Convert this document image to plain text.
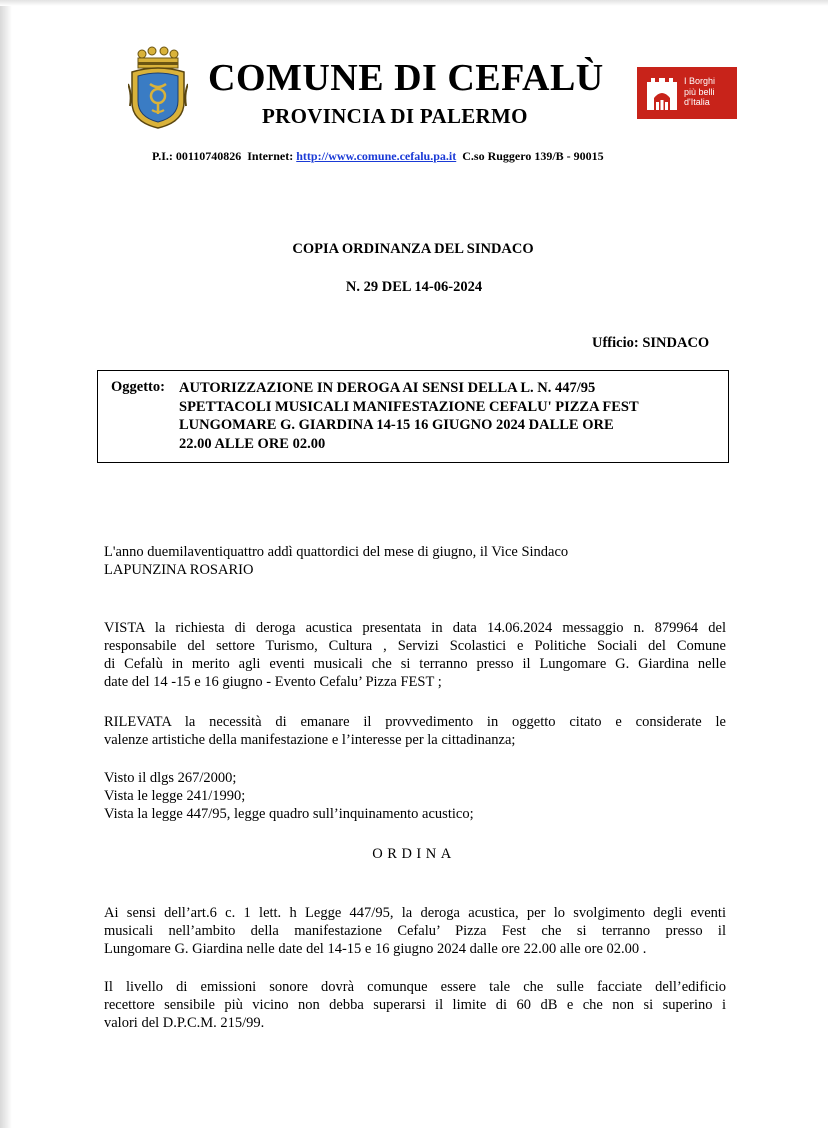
COMUNE DI CEFALÙ
PROVINCIA DI PALERMO
I Borghi
più belli
d'Italia
P.I.: 00110740826 Internet: http://www.comune.cefalu.pa.it C.so Ruggero 139/B - 90015
COPIA ORDINANZA DEL SINDACO
N. 29 DEL 14-06-2024
Ufficio: SINDACO
Oggetto: AUTORIZZAZIONE IN DEROGA AI SENSI DELLA L. N. 447/95
SPETTACOLI MUSICALI MANIFESTAZIONE CEFALU' PIZZA FEST
LUNGOMARE G. GIARDINA 14-15 16 GIUGNO 2024 DALLE ORE
22.00 ALLE ORE 02.00
L'anno duemilaventiquattro addì quattordici del mese di giugno, il Vice Sindaco
LAPUNZINA ROSARIO
VISTA la richiesta di deroga acustica presentata in data 14.06.2024 messaggio n. 879964 del
responsabile del settore Turismo, Cultura , Servizi Scolastici e Politiche Sociali del Comune
di Cefalù in merito agli eventi musicali che si terranno presso il Lungomare G. Giardina nelle
date del 14 -15 e 16 giugno - Evento Cefalu’ Pizza FEST ;
RILEVATA la necessità di emanare il provvedimento in oggetto citato e considerate le
valenze artistiche della manifestazione e l’interesse per la cittadinanza;
Visto il dlgs 267/2000;
Vista le legge 241/1990;
Vista la legge 447/95, legge quadro sull’inquinamento acustico;
ORDINA
Ai sensi dell’art.6 c. 1 lett. h Legge 447/95, la deroga acustica, per lo svolgimento degli eventi
musicali nell’ambito della manifestazione Cefalu’ Pizza Fest che si terranno presso il
Lungomare G. Giardina nelle date del 14-15 e 16 giugno 2024 dalle ore 22.00 alle ore 02.00 .
Il livello di emissioni sonore dovrà comunque essere tale che sulle facciate dell’edificio
recettore sensibile più vicino non debba superarsi il limite di 60 dB e che non si superino i
valori del D.P.C.M. 215/99.
